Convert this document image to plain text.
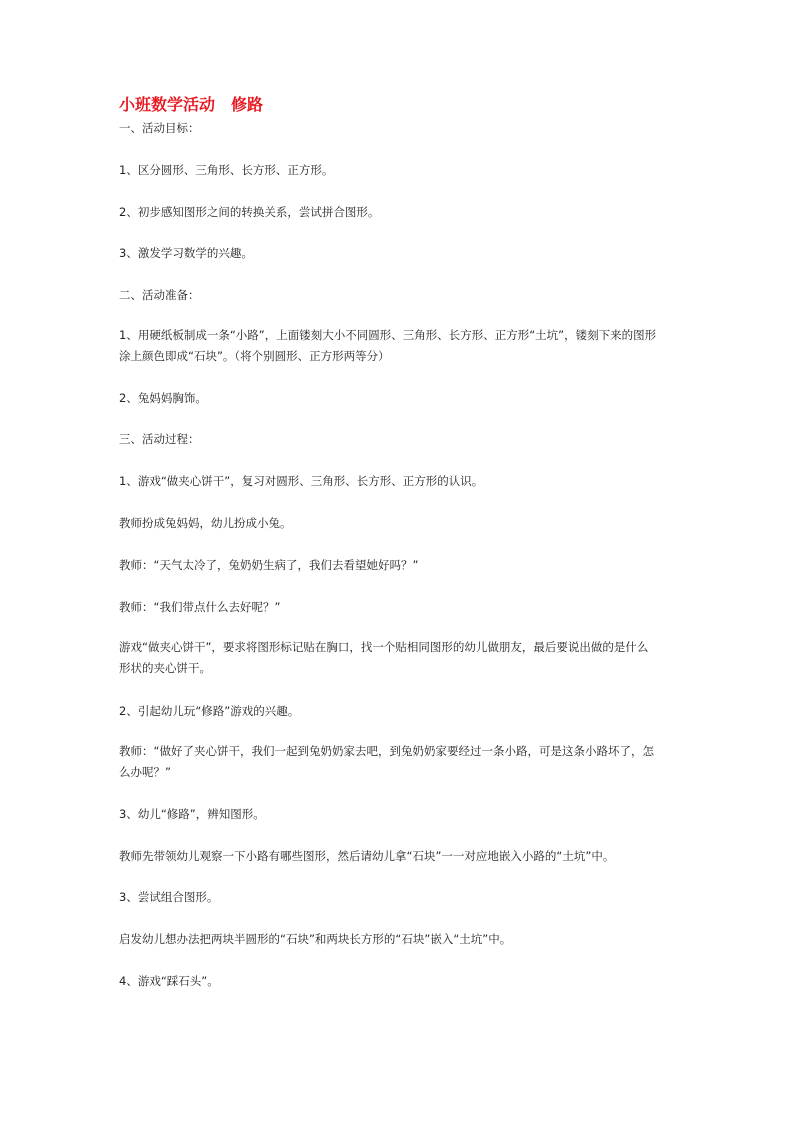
小班数学活动　修路

一、活动目标：

1、区分圆形、三角形、长方形、正方形。

2、初步感知图形之间的转换关系，尝试拼合图形。

3、激发学习数学的兴趣。

二、活动准备：

1、用硬纸板制成一条“小路”，上面镂刻大小不同圆形、三角形、长方形、正方形“土坑”，镂刻下来的图形
涂上颜色即成“石块”。（将个别圆形、正方形两等分）

2、兔妈妈胸饰。

三、活动过程：

1、游戏“做夹心饼干”，复习对圆形、三角形、长方形、正方形的认识。

教师扮成兔妈妈，幼儿扮成小兔。

教师：“天气太冷了，兔奶奶生病了，我们去看望她好吗？”

教师：“我们带点什么去好呢？”

游戏“做夹心饼干”，要求将图形标记贴在胸口，找一个贴相同图形的幼儿做朋友，最后要说出做的是什么
形状的夹心饼干。

2、引起幼儿玩“修路”游戏的兴趣。

教师：“做好了夹心饼干，我们一起到兔奶奶家去吧，到兔奶奶家要经过一条小路，可是这条小路坏了，怎
么办呢？”

3、幼儿“修路”，辨知图形。

教师先带领幼儿观察一下小路有哪些图形，然后请幼儿拿“石块”一一对应地嵌入小路的“土坑”中。

3、尝试组合图形。

启发幼儿想办法把两块半圆形的“石块”和两块长方形的“石块”嵌入“土坑”中。

4、游戏“踩石头”。
